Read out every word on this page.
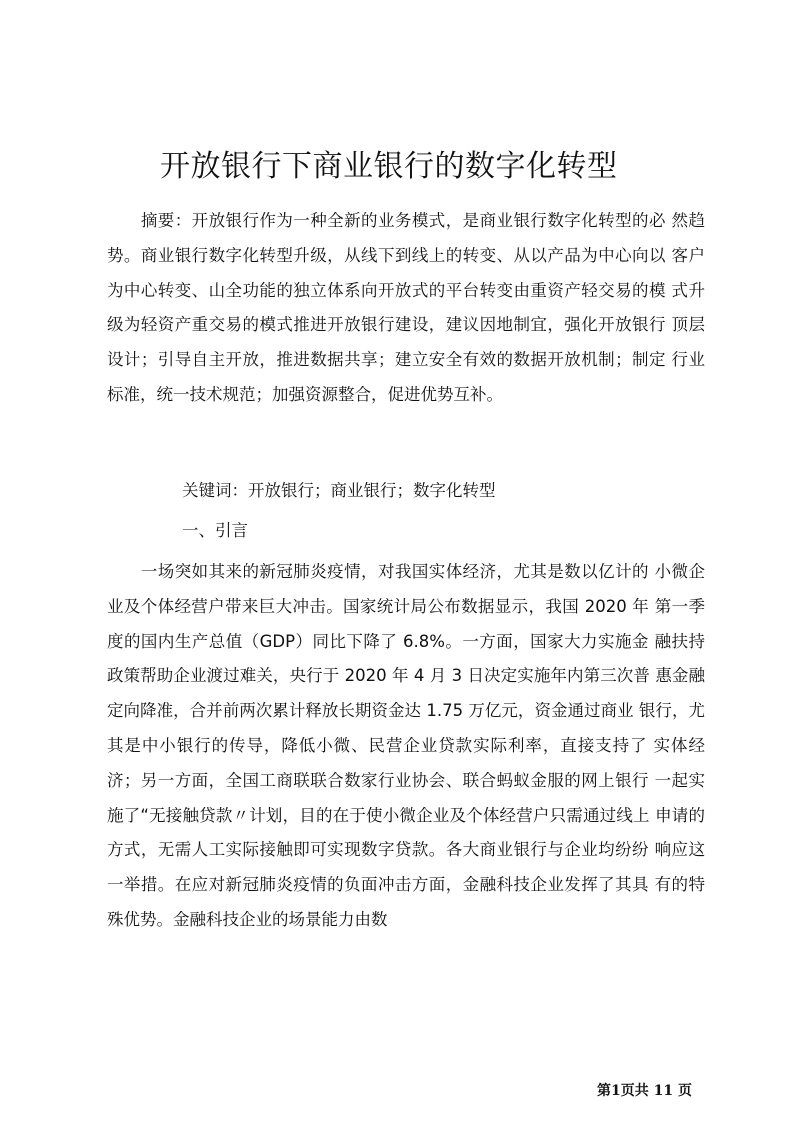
开放银行下商业银行的数字化转型

摘要：开放银行作为一种全新的业务模式，是商业银行数字化转型的必 然趋势。商业银行数字化转型升级，从线下到线上的转变、从以产品为中心向以 客户为中心转变、山全功能的独立体系向开放式的平台转变由重资产轻交易的模 式升级为轻资产重交易的模式推进开放银行建设，建议因地制宜，强化开放银行 顶层设计；引导自主开放，推进数据共享；建立安全有效的数据开放机制；制定 行业标准，统一技术规范；加强资源整合，促进优势互补。

关键词：开放银行；商业银行；数字化转型
一、引言

一场突如其来的新冠肺炎疫情，对我国实体经济，尤其是数以亿计的 小微企业及个体经营户带来巨大冲击。国家统计局公布数据显示，我国 2020 年 第一季度的国内生产总值（GDP）同比下降了 6.8%。一方面，国家大力实施金 融扶持政策帮助企业渡过难关，央行于 2020 年 4 月 3 日决定实施年内第三次普 惠金融定向降准，合并前两次累计释放长期资金达 1.75 万亿元，资金通过商业 银行，尤其是中小银行的传导，降低小微、民营企业贷款实际利率，直接支持了 实体经济；另一方面，全国工商联联合数家行业协会、联合蚂蚁金服的网上银行 一起实施了“无接触贷款〃计划，目的在于使小微企业及个体经营户只需通过线上 申请的方式，无需人工实际接触即可实现数字贷款。各大商业银行与企业均纷纷 响应这一举措。在应对新冠肺炎疫情的负面冲击方面，金融科技企业发挥了其具 有的特殊优势。金融科技企业的场景能力由数

第1页共 11 页
